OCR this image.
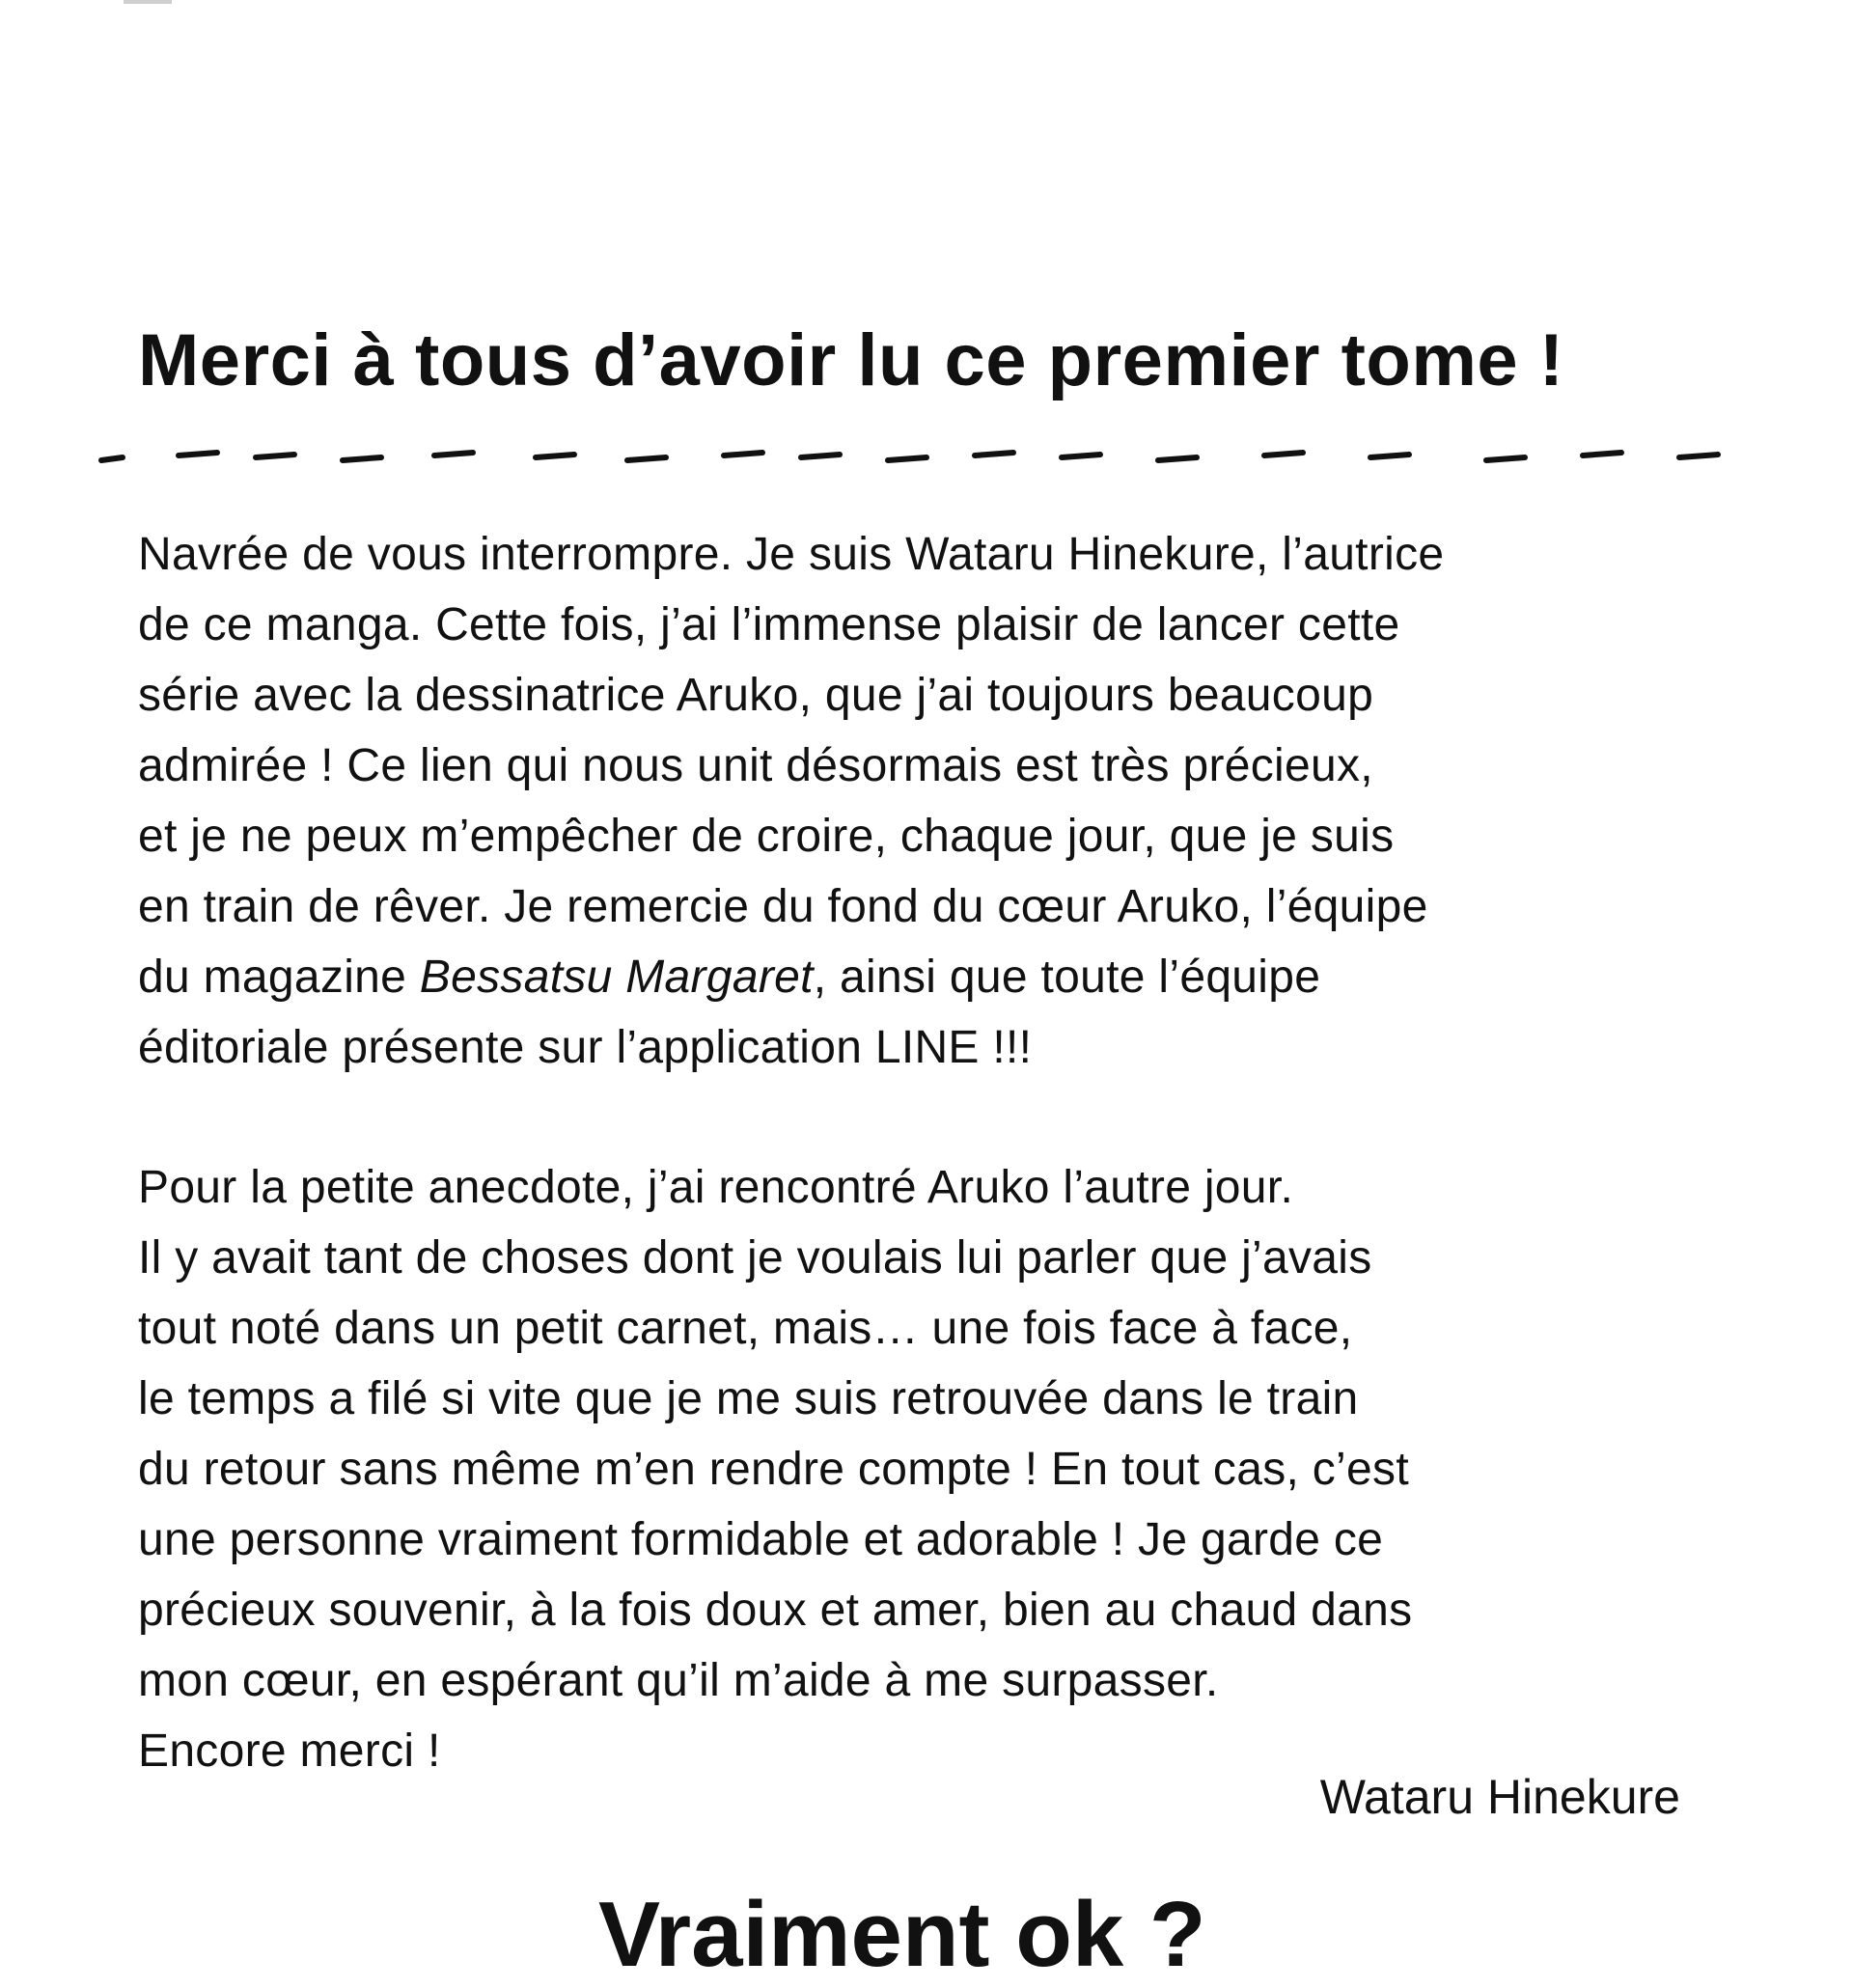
Merci à tous d’avoir lu ce premier tome !
Navrée de vous interrompre. Je suis Wataru Hinekure, l’autrice
de ce manga. Cette fois, j’ai l’immense plaisir de lancer cette
série avec la dessinatrice Aruko, que j’ai toujours beaucoup
admirée ! Ce lien qui nous unit désormais est très précieux,
et je ne peux m’empêcher de croire, chaque jour, que je suis
en train de rêver. Je remercie du fond du cœur Aruko, l’équipe
du magazine Bessatsu Margaret, ainsi que toute l’équipe
éditoriale présente sur l’application LINE !!!
Pour la petite anecdote, j’ai rencontré Aruko l’autre jour.
Il y avait tant de choses dont je voulais lui parler que j’avais
tout noté dans un petit carnet, mais… une fois face à face,
le temps a filé si vite que je me suis retrouvée dans le train
du retour sans même m’en rendre compte ! En tout cas, c’est
une personne vraiment formidable et adorable ! Je garde ce
précieux souvenir, à la fois doux et amer, bien au chaud dans
mon cœur, en espérant qu’il m’aide à me surpasser.
Encore merci !
Wataru Hinekure
Vraiment ok ?
